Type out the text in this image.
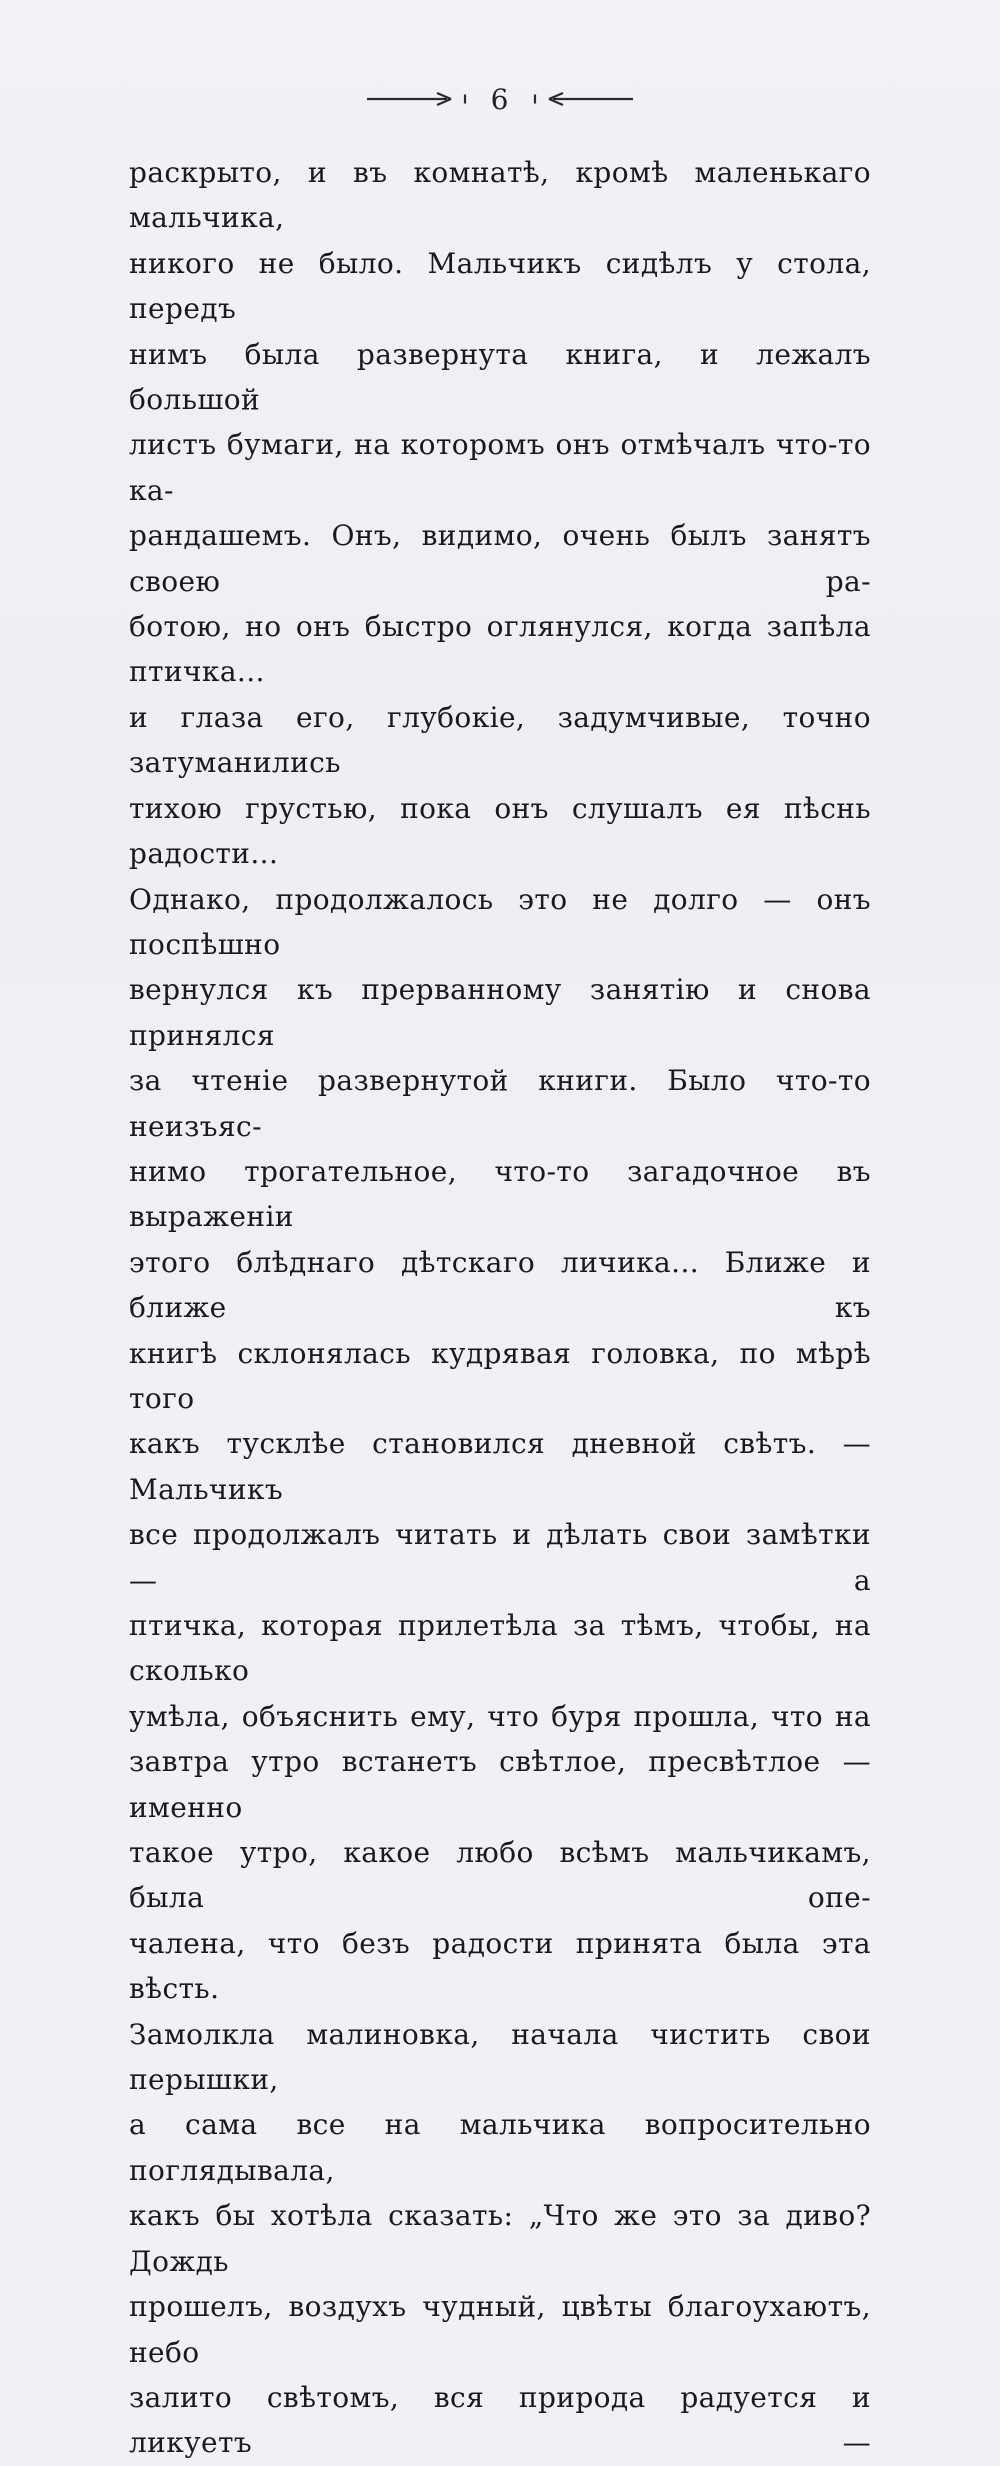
6
раскрыто, и въ комнатѣ, кромѣ маленькаго мальчика,
никого не было. Мальчикъ сидѣлъ у стола, передъ
нимъ была развернута книга, и лежалъ большой
листъ бумаги, на которомъ онъ отмѣчалъ что-то ка-
рандашемъ. Онъ, видимо, очень былъ занятъ своею ра-
ботою, но онъ быстро оглянулся, когда запѣла птичка...
и глаза его, глубокіе, задумчивые, точно затуманились
тихою грустью, пока онъ слушалъ ея пѣснь радости...
Однако, продолжалось это не долго — онъ поспѣшно
вернулся къ прерванному занятію и снова принялся
за чтеніе развернутой книги. Было что-то неизъяс-
нимо трогательное, что-то загадочное въ выраженіи
этого блѣднаго дѣтскаго личика... Ближе и ближе къ
книгѣ склонялась кудрявая головка, по мѣрѣ того
какъ тусклѣе становился дневной свѣтъ. — Мальчикъ
все продолжалъ читать и дѣлать свои замѣтки — а
птичка, которая прилетѣла за тѣмъ, чтобы, на сколько
умѣла, объяснить ему, что буря прошла, что на
завтра утро встанетъ свѣтлое, пресвѣтлое — именно
такое утро, какое любо всѣмъ мальчикамъ, была опе-
чалена, что безъ радости принята была эта вѣсть.
Замолкла малиновка, начала чистить свои перышки,
а сама все на мальчика вопросительно поглядывала,
какъ бы хотѣла сказать: „Что же это за диво? Дождь
прошелъ, воздухъ чудный, цвѣты благоухаютъ, небо
залито свѣтомъ, вся природа радуется и ликуетъ —
